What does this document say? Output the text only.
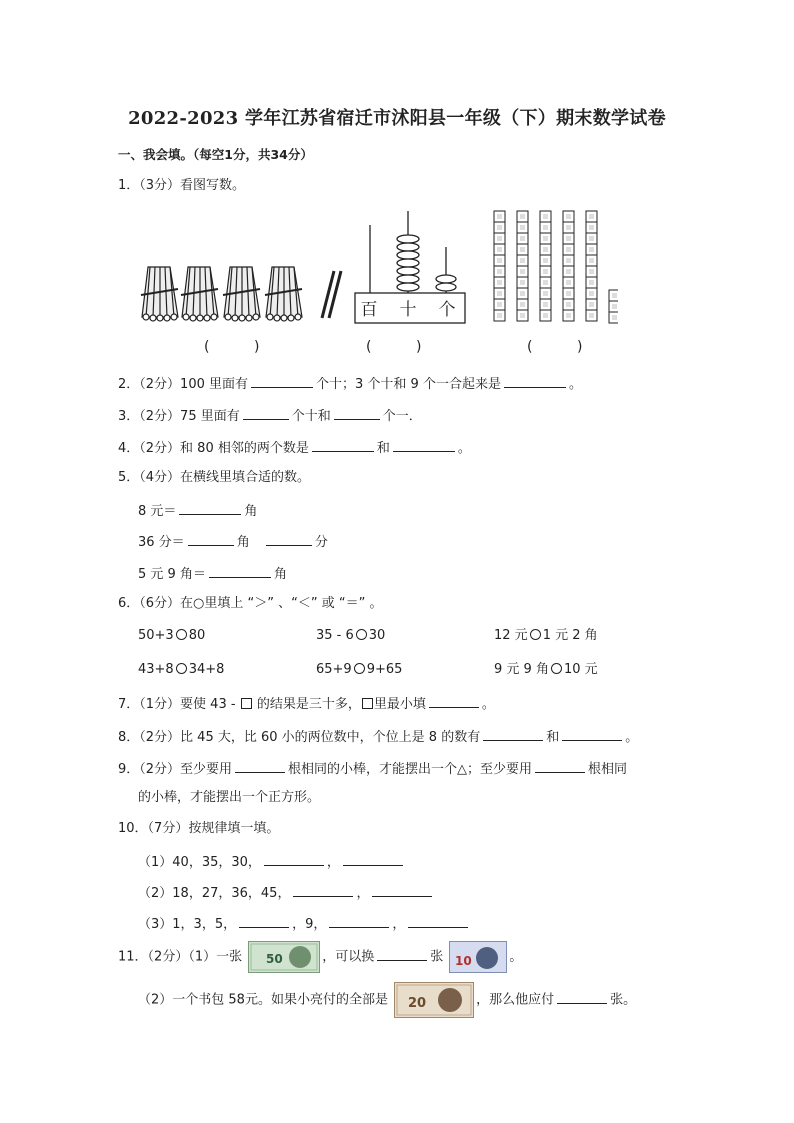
2022-2023 学年江苏省宿迁市沭阳县一年级（下）期末数学试卷
一、我会填。（每空1分，共34分）
1．（3分）看图写数。
百 十 个
(          )	(          )	(          )
2．（2分）100 里面有	个十；3 个十和 9 个一合起来是	。
3．（2分）75 里面有	个十和	个一．
4．（2分）和 80 相邻的两个数是	和	。
5．（4分）在横线里填合适的数。
8 元＝	角
36 分＝	角	分
5 元 9 角＝	角
6．（6分）在○里填上 “＞” 、“＜” 或 “＝” 。
50+3 80	35 - 6 30	12 元 1 元 2 角
43+8 34+8	65+9 9+65	9 元 9 角 10 元
7．（1分）要使 43 -  的结果是三十多， 里最小填	。
8．（2分）比 45 大，比 60 小的两位数中，个位上是 8 的数有	和	。
9．（2分）至少要用	根相同的小棒，才能摆出一个△；至少要用	根相同
的小棒，才能摆出一个正方形。
10．（7分）按规律填一填。
（1）40，35，30，	，
（2）18，27，36，45，	，
（3）1，3，5，	，9，	，
11．（2分）（1）一张 50	，可以换	张 10	。
（2）一个书包 58元。如果小亮付的全部是 20	，那么他应付	张。
